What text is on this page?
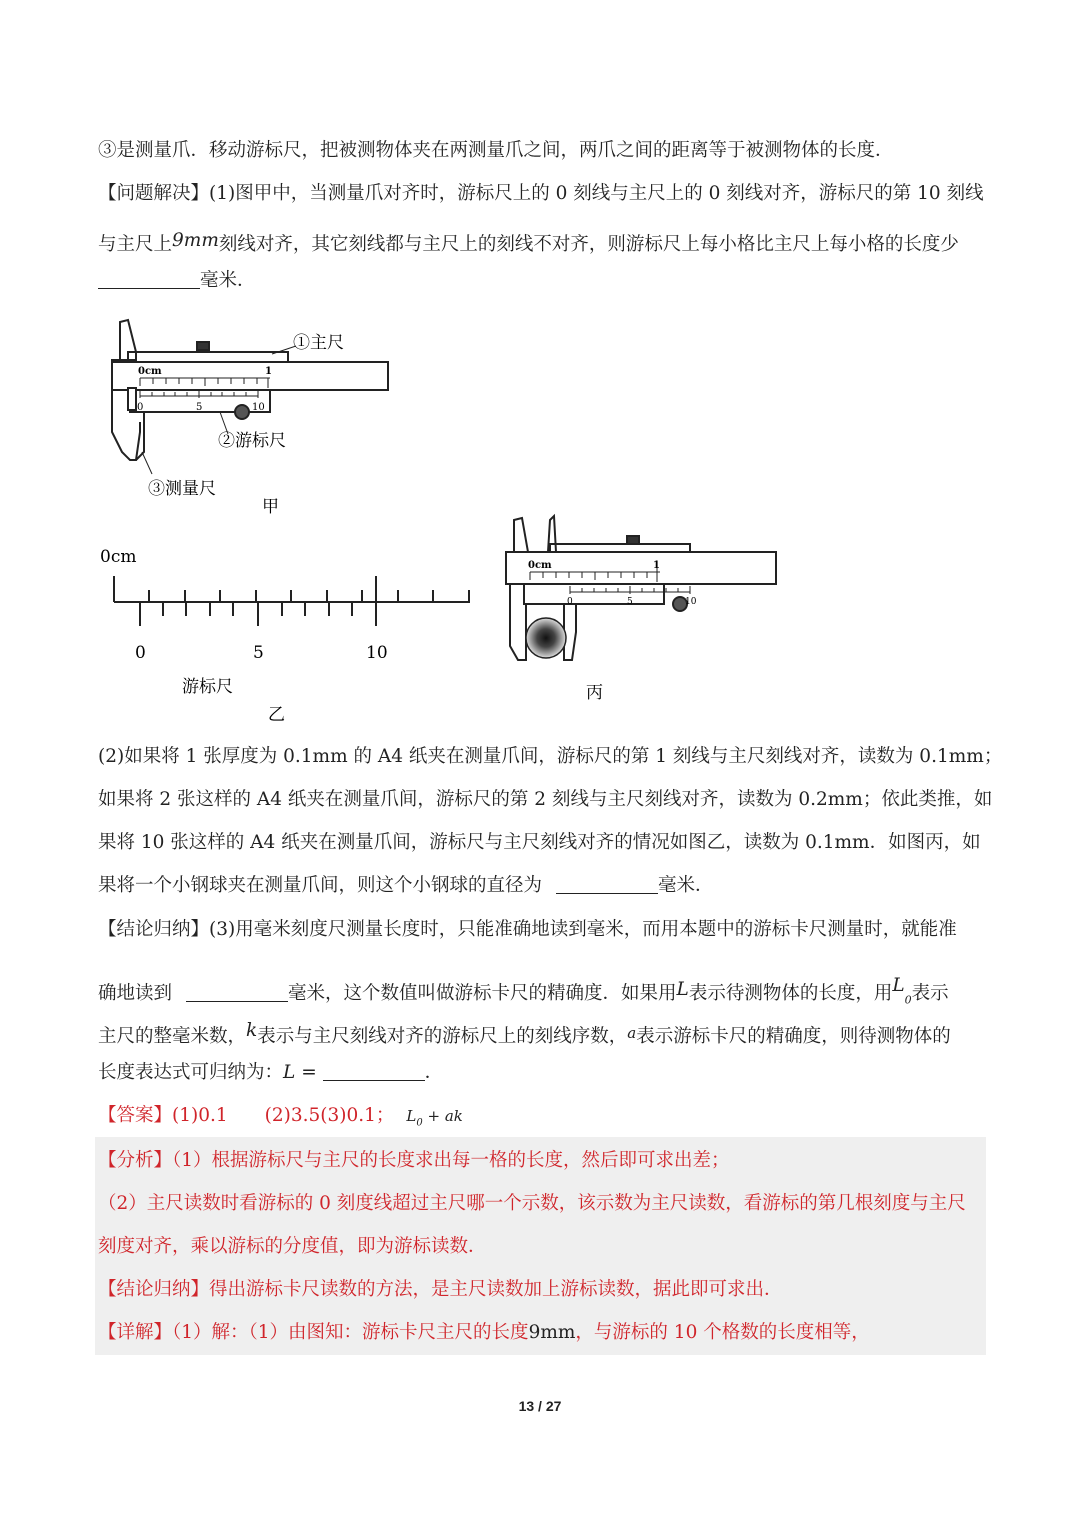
③是测量爪．移动游标尺，把被测物体夹在两测量爪之间，两爪之间的距离等于被测物体的长度．
【问题解决】(1)图甲中，当测量爪对齐时，游标尺上的 0 刻线与主尺上的 0 刻线对齐，游标尺的第 10 刻线
与主尺上9mm刻线对齐，其它刻线都与主尺上的刻线不对齐，则游标尺上每小格比主尺上每小格的长度少
毫米．
0cm	1
0	5	10
①主尺
②游标尺
③测量尺
甲
0cm
0	5	10
游标尺
乙
0cm	1
0	5	10
丙
(2)如果将 1 张厚度为 0.1mm 的 A4 纸夹在测量爪间，游标尺的第 1 刻线与主尺刻线对齐，读数为 0.1mm；
如果将 2 张这样的 A4 纸夹在测量爪间，游标尺的第 2 刻线与主尺刻线对齐，读数为 0.2mm；依此类推，如
果将 10 张这样的 A4 纸夹在测量爪间，游标尺与主尺刻线对齐的情况如图乙，读数为 0.1mm．如图丙，如
果将一个小钢球夹在测量爪间，则这个小钢球的直径为	毫米．
【结论归纳】(3)用毫米刻度尺测量长度时，只能准确地读到毫米，而用本题中的游标卡尺测量时，就能准
确地读到	毫米，这个数值叫做游标卡尺的精确度．如果用L表示待测物体的长度，用$L_0$表示
主尺的整毫米数，k表示与主尺刻线对齐的游标尺上的刻线序数，$^a$表示游标卡尺的精确度，则待测物体的
长度表达式可归纳为：L =	．
【答案】(1)0.1　　(2)3.5(3)0.1； $L_0$ + ak
【分析】（1）根据游标尺与主尺的长度求出每一格的长度，然后即可求出差；
（2）主尺读数时看游标的 0 刻度线超过主尺哪一个示数，该示数为主尺读数，看游标的第几根刻度与主尺
刻度对齐，乘以游标的分度值，即为游标读数．
【结论归纳】得出游标卡尺读数的方法，是主尺读数加上游标读数，据此即可求出．
【详解】（1）解：（1）由图知：游标卡尺主尺的长度9mm，与游标的 10 个格数的长度相等，
13 / 27
